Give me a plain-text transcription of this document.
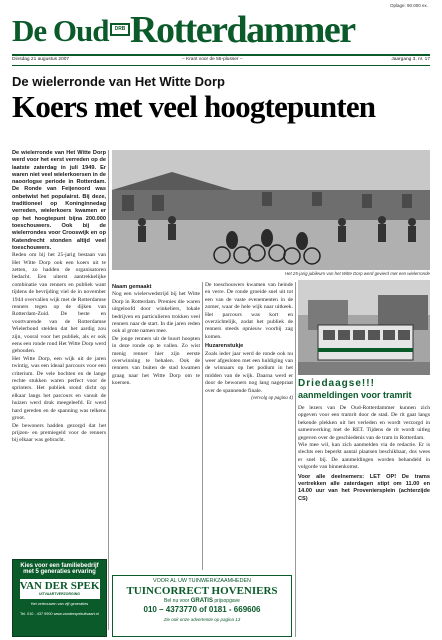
Oplage: 90.000 ex.
De Oud	DRB Rotterdammer
Dinsdag 21 augustus 2007	– Krant voor de 55-plusser –	Jaargang 3, nr. 17
De wielerronde van Het Witte Dorp
Koers met veel hoogtepunten

De wielerronde van Het Witte Dorp werd voor het eerst verreden op de laatste zaterdag in juli 1949. Er waren niet veel wielerkoersen in de naoorlogse periode in Rotterdam. De Ronde van Feijenoord was onbetwist het populairst. Bij deze, traditioneel op Koninginnedag verreden, wielerkoers kwamen er op het hoogtepunt bijna 200.000 toeschouwers. Ook bij de wielerrondes voor Crooswijk en op Katendrecht stonden altijd veel toeschouwers.

Reden om bij het 25-jarig bestaan van Het Witte Dorp ook een koers uit te zetten, zo hadden de organisatoren bedacht. Een uiterst aantrekkelijke combinatie van renners en publiek want tijdens de bevrijding viel de in november 1944 overvallen wijk met de Rotterdamse renners tegen op de dijken van Rotterdam-Zuid. De beste en voortvarende van de Rotterdamse Wielerbond stelden dat het aardig zou zijn, vooral voor het publiek, als er ook eens een ronde rond Het Witte Dorp werd gehouden.

Het Witte Dorp, een wijk uit de jaren twintig, was een ideaal parcours voor een criterium. De vele bochten en de lange rechte stukken waren perfect voor de sprinters. Het publiek stond dicht op elkaar langs het parcours en vanuit de huizen werd druk meegeleefd. Er werd hard gereden en de spanning was telkens groot.

De bewoners hadden gezorgd dat het prijzen- en premiegeld voor de renners bij elkaar was gebracht.

Het 25-jarig jubileum van het Witte Dorp werd gevierd met een wielerronde

Naam gemaakt

Nog een wielerwedstrijd bij het Witte Dorp in Rotterdam. Premies die waren uitgeloofd door winkeliers, lokale bedrijven en particulieren trokken veel renners naar de start. In die jaren reden ook al grote namen mee.

De jonge renners uit de buurt hoopten in deze ronde op te vallen. Zo wist menig renner hier zijn eerste overwinning te behalen. Ook de renners van buiten de stad kwamen graag naar het Witte Dorp om te koersen.

De toeschouwers kwamen van heinde en verre. De ronde groeide snel uit tot een van de vaste evenementen in de zomer, waar de hele wijk naar uitkeek. Het parcours was kort en overzichtelijk, zodat het publiek de renners steeds opnieuw voorbij zag komen.

Huzarenstukje

Zoals ieder jaar werd de ronde ook nu weer afgesloten met een huldiging van de winnaars op het podium in het midden van de wijk. Daarna werd er door de bewoners nog lang nagepraat over de spannende finale.

(vervolg op pagina 4)

Driedaagse!!!
aanmeldingen voor tramrit

De lezers van De Oud-Rotterdammer kunnen zich opgeven voor een tramrit door de stad. De rit gaat langs bekende plekken uit het verleden en wordt verzorgd in samenwerking met de RET. Tijdens de rit wordt uitleg gegeven over de geschiedenis van de tram in Rotterdam.

Wie mee wil, kan zich aanmelden via de redactie. Er is slechts een beperkt aantal plaatsen beschikbaar, dus wees er snel bij. De aanmeldingen worden behandeld in volgorde van binnenkomst.

Voor alle deelnemers: LET OP! De trams vertrekken alle zaterdagen stipt om 11.00 en 14.00 uur van het Proveniersplein (achterzijde CS)

Kies voor een familiebedrijf
met 5 generaties ervaring
VAN DER SPEK
UITVAARTVERZORGING
Het vertrouwen van vijf generaties
Tel. 010 - 437 9900 www.vanderspekuitvaart.nl
VOOR AL UW TUINWERKZAAMHEDEN
TUINCORRECT HOVENIERS
Bel nu voor GRATIS prijsopgave
010 – 4373770 of 0181 - 669606
Zie ook onze advertentie op pagina 13
